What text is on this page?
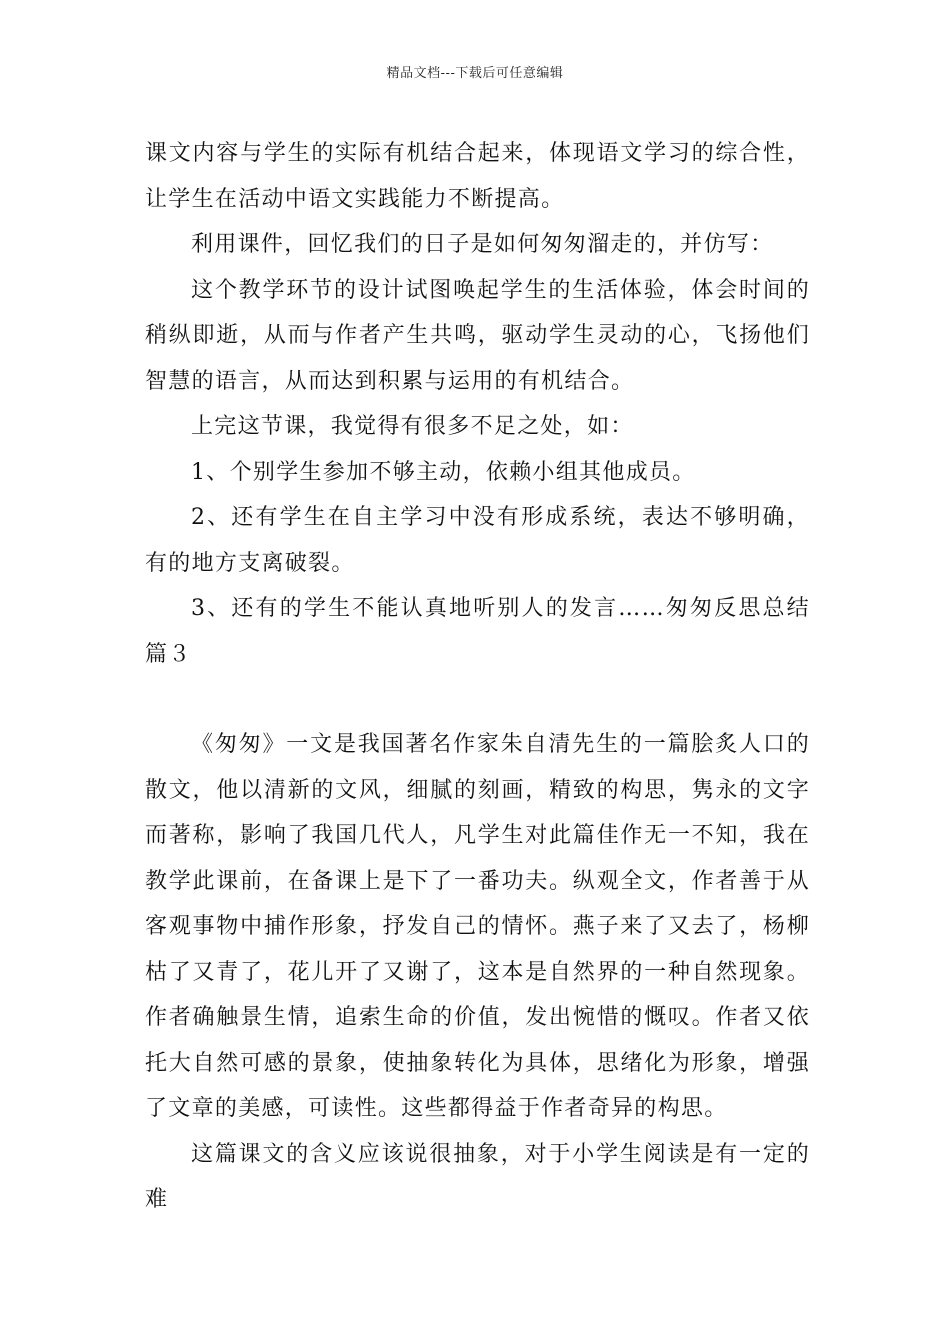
精品文档---下载后可任意编辑

课文内容与学生的实际有机结合起来，体现语文学习的综合性，让学生在活动中语文实践能力不断提高。

利用课件，回忆我们的日子是如何匆匆溜走的，并仿写：

这个教学环节的设计试图唤起学生的生活体验，体会时间的稍纵即逝，从而与作者产生共鸣，驱动学生灵动的心，飞扬他们智慧的语言，从而达到积累与运用的有机结合。

上完这节课，我觉得有很多不足之处，如：

1、个别学生参加不够主动，依赖小组其他成员。

2、还有学生在自主学习中没有形成系统，表达不够明确，有的地方支离破裂。

3、还有的学生不能认真地听别人的发言……匆匆反思总结篇３

《匆匆》一文是我国著名作家朱自清先生的一篇脍炙人口的散文，他以清新的文风，细腻的刻画，精致的构思，隽永的文字而著称，影响了我国几代人，凡学生对此篇佳作无一不知，我在教学此课前，在备课上是下了一番功夫。纵观全文，作者善于从客观事物中捕作形象，抒发自己的情怀。燕子来了又去了，杨柳枯了又青了，花儿开了又谢了，这本是自然界的一种自然现象。作者确触景生情，追索生命的价值，发出惋惜的慨叹。作者又依托大自然可感的景象，使抽象转化为具体，思绪化为形象，增强了文章的美感，可读性。这些都得益于作者奇异的构思。

这篇课文的含义应该说很抽象，对于小学生阅读是有一定的难
